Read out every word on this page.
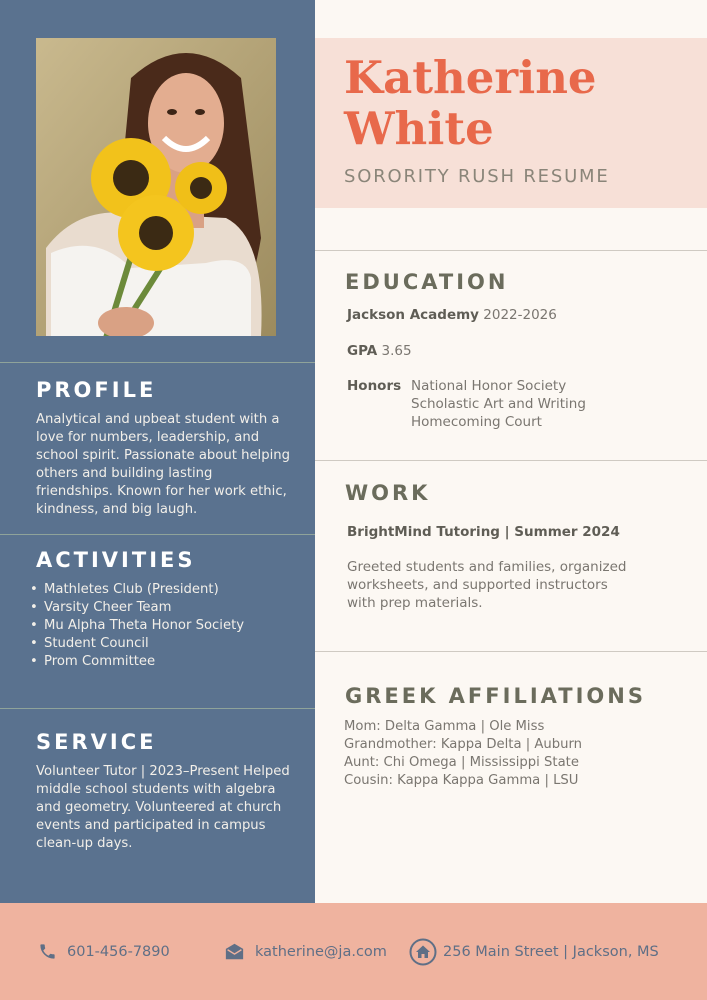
PROFILE
Analytical and upbeat student with a love for numbers, leadership, and school spirit. Passionate about helping others and building lasting friendships. Known for her work ethic, kindness, and big laugh.
ACTIVITIES
• Mathletes Club (President)
• Varsity Cheer Team
• Mu Alpha Theta Honor Society
• Student Council
• Prom Committee
SERVICE
Volunteer Tutor | 2023–Present Helped middle school students with algebra and geometry. Volunteered at church events and participated in campus clean-up days.
Katherine
White
SORORITY RUSH RESUME
EDUCATION
Jackson Academy 2022-2026
GPA 3.65
Honors National Honor Society
Scholastic Art and Writing
Homecoming Court
WORK
BrightMind Tutoring | Summer 2024
Greeted students and families, organized worksheets, and supported instructors with prep materials.
GREEK AFFILIATIONS
Mom: Delta Gamma | Ole Miss
Grandmother: Kappa Delta | Auburn
Aunt: Chi Omega | Mississippi State
Cousin: Kappa Kappa Gamma | LSU
601-456-7890	katherine@ja.com	256 Main Street | Jackson, MS
